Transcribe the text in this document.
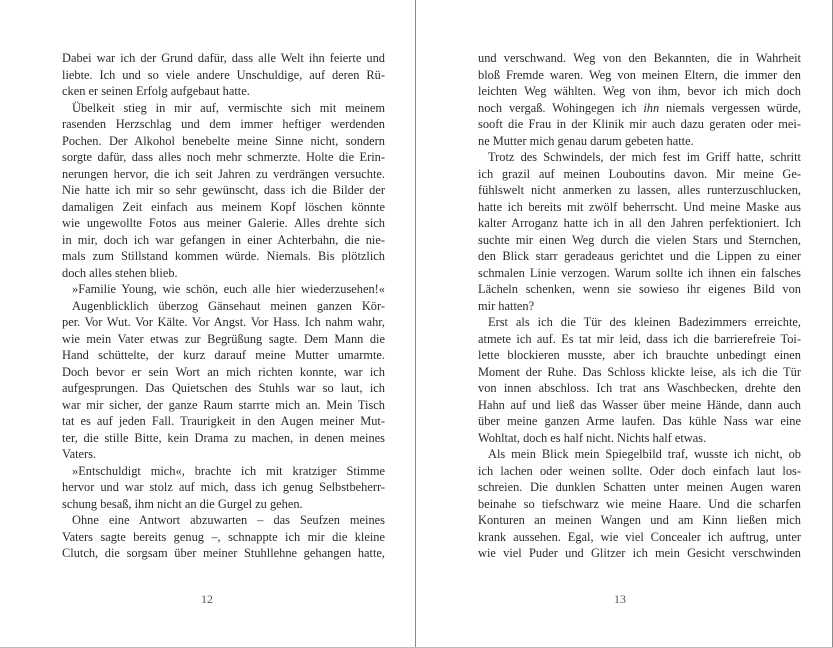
Dabei war ich der Grund dafür, dass alle Welt ihn feierte und
liebte. Ich und so viele andere Unschuldige, auf deren Rü-
cken er seinen Erfolg aufgebaut hatte.
Übelkeit stieg in mir auf, vermischte sich mit meinem
rasenden Herzschlag und dem immer heftiger werdenden
Pochen. Der Alkohol benebelte meine Sinne nicht, sondern
sorgte dafür, dass alles noch mehr schmerzte. Holte die Erin-
nerungen hervor, die ich seit Jahren zu verdrängen versuchte.
Nie hatte ich mir so sehr gewünscht, dass ich die Bilder der
damaligen Zeit einfach aus meinem Kopf löschen könnte
wie ungewollte Fotos aus meiner Galerie. Alles drehte sich
in mir, doch ich war gefangen in einer Achterbahn, die nie-
mals zum Stillstand kommen würde. Niemals. Bis plötzlich
doch alles stehen blieb.
»Familie Young, wie schön, euch alle hier wiederzusehen!«
Augenblicklich überzog Gänsehaut meinen ganzen Kör-
per. Vor Wut. Vor Kälte. Vor Angst. Vor Hass. Ich nahm wahr,
wie mein Vater etwas zur Begrüßung sagte. Dem Mann die
Hand schüttelte, der kurz darauf meine Mutter umarmte.
Doch bevor er sein Wort an mich richten konnte, war ich
aufgesprungen. Das Quietschen des Stuhls war so laut, ich
war mir sicher, der ganze Raum starrte mich an. Mein Tisch
tat es auf jeden Fall. Traurigkeit in den Augen meiner Mut-
ter, die stille Bitte, kein Drama zu machen, in denen meines
Vaters.
»Entschuldigt mich«, brachte ich mit kratziger Stimme
hervor und war stolz auf mich, dass ich genug Selbstbeherr-
schung besaß, ihm nicht an die Gurgel zu gehen.
Ohne eine Antwort abzuwarten – das Seufzen meines
Vaters sagte bereits genug –, schnappte ich mir die kleine
Clutch, die sorgsam über meiner Stuhllehne gehangen hatte,
12
und verschwand. Weg von den Bekannten, die in Wahrheit
bloß Fremde waren. Weg von meinen Eltern, die immer den
leichten Weg wählten. Weg von ihm, bevor ich mich doch
noch vergaß. Wohingegen ich ihn niemals vergessen würde,
sooft die Frau in der Klinik mir auch dazu geraten oder mei-
ne Mutter mich genau darum gebeten hatte.
Trotz des Schwindels, der mich fest im Griff hatte, schritt
ich grazil auf meinen Louboutins davon. Mir meine Ge-
fühlswelt nicht anmerken zu lassen, alles runterzuschlucken,
hatte ich bereits mit zwölf beherrscht. Und meine Maske aus
kalter Arroganz hatte ich in all den Jahren perfektioniert. Ich
suchte mir einen Weg durch die vielen Stars und Sternchen,
den Blick starr geradeaus gerichtet und die Lippen zu einer
schmalen Linie verzogen. Warum sollte ich ihnen ein falsches
Lächeln schenken, wenn sie sowieso ihr eigenes Bild von
mir hatten?
Erst als ich die Tür des kleinen Badezimmers erreichte,
atmete ich auf. Es tat mir leid, dass ich die barrierefreie Toi-
lette blockieren musste, aber ich brauchte unbedingt einen
Moment der Ruhe. Das Schloss klickte leise, als ich die Tür
von innen abschloss. Ich trat ans Waschbecken, drehte den
Hahn auf und ließ das Wasser über meine Hände, dann auch
über meine ganzen Arme laufen. Das kühle Nass war eine
Wohltat, doch es half nicht. Nichts half etwas.
Als mein Blick mein Spiegelbild traf, wusste ich nicht, ob
ich lachen oder weinen sollte. Oder doch einfach laut los-
schreien. Die dunklen Schatten unter meinen Augen waren
beinahe so tiefschwarz wie meine Haare. Und die scharfen
Konturen an meinen Wangen und am Kinn ließen mich
krank aussehen. Egal, wie viel Concealer ich auftrug, unter
wie viel Puder und Glitzer ich mein Gesicht verschwinden
13
